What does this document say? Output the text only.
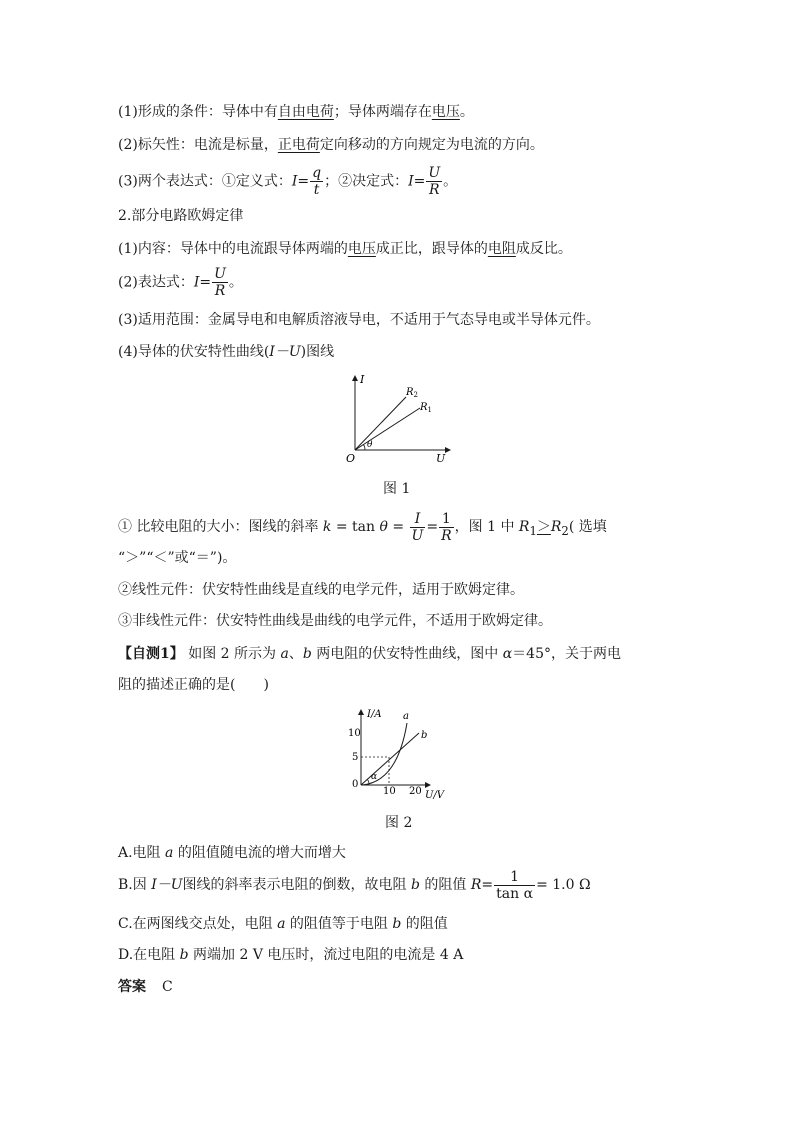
(1)形成的条件：导体中有自由电荷；导体两端存在电压。
(2)标矢性：电流是标量，正电荷定向移动的方向规定为电流的方向。
(3)两个表达式：①定义式：$I= \frac{q}{t}$ ；②决定式：$I= \frac{U}{R}$ 。
2.部分电路欧姆定律
(1)内容：导体中的电流跟导体两端的电压成正比，跟导体的电阻成反比。
(2)表达式：$I= \frac{U}{R}$ 。
(3)适用范围：金属导电和电解质溶液导电，不适用于气态导电或半导体元件。
(4)导体的伏安特性曲线(I－U)图线
I
U
O
$R_2$
$R_1$
θ
图 1
① 比较电阻的大小：图线的斜率 $k = \tan \theta = \frac{I}{U} = \frac{1}{R}$ ，图 1 中 $R_1>R_2$( 选填
“＞”“＜”或“＝”)。
②线性元件：伏安特性曲线是直线的电学元件，适用于欧姆定律。
③非线性元件：伏安特性曲线是曲线的电学元件，不适用于欧姆定律。
【自测1】 如图 2 所示为 a、b 两电阻的伏安特性曲线，图中 α＝45°，关于两电
阻的描述正确的是(　　)
I/A
U/V
10
5
0
10 20
a
b
α
图 2
A.电阻 a 的阻值随电流的增大而增大
B.因 I－U图线的斜率表示电阻的倒数，故电阻 b 的阻值 $R= \frac{1}{\text{tan α}} = 1.0$ Ω
C.在两图线交点处，电阻 a 的阻值等于电阻 b 的阻值
D.在电阻 b 两端加 2 V 电压时，流过电阻的电流是 4 A
答案 C
